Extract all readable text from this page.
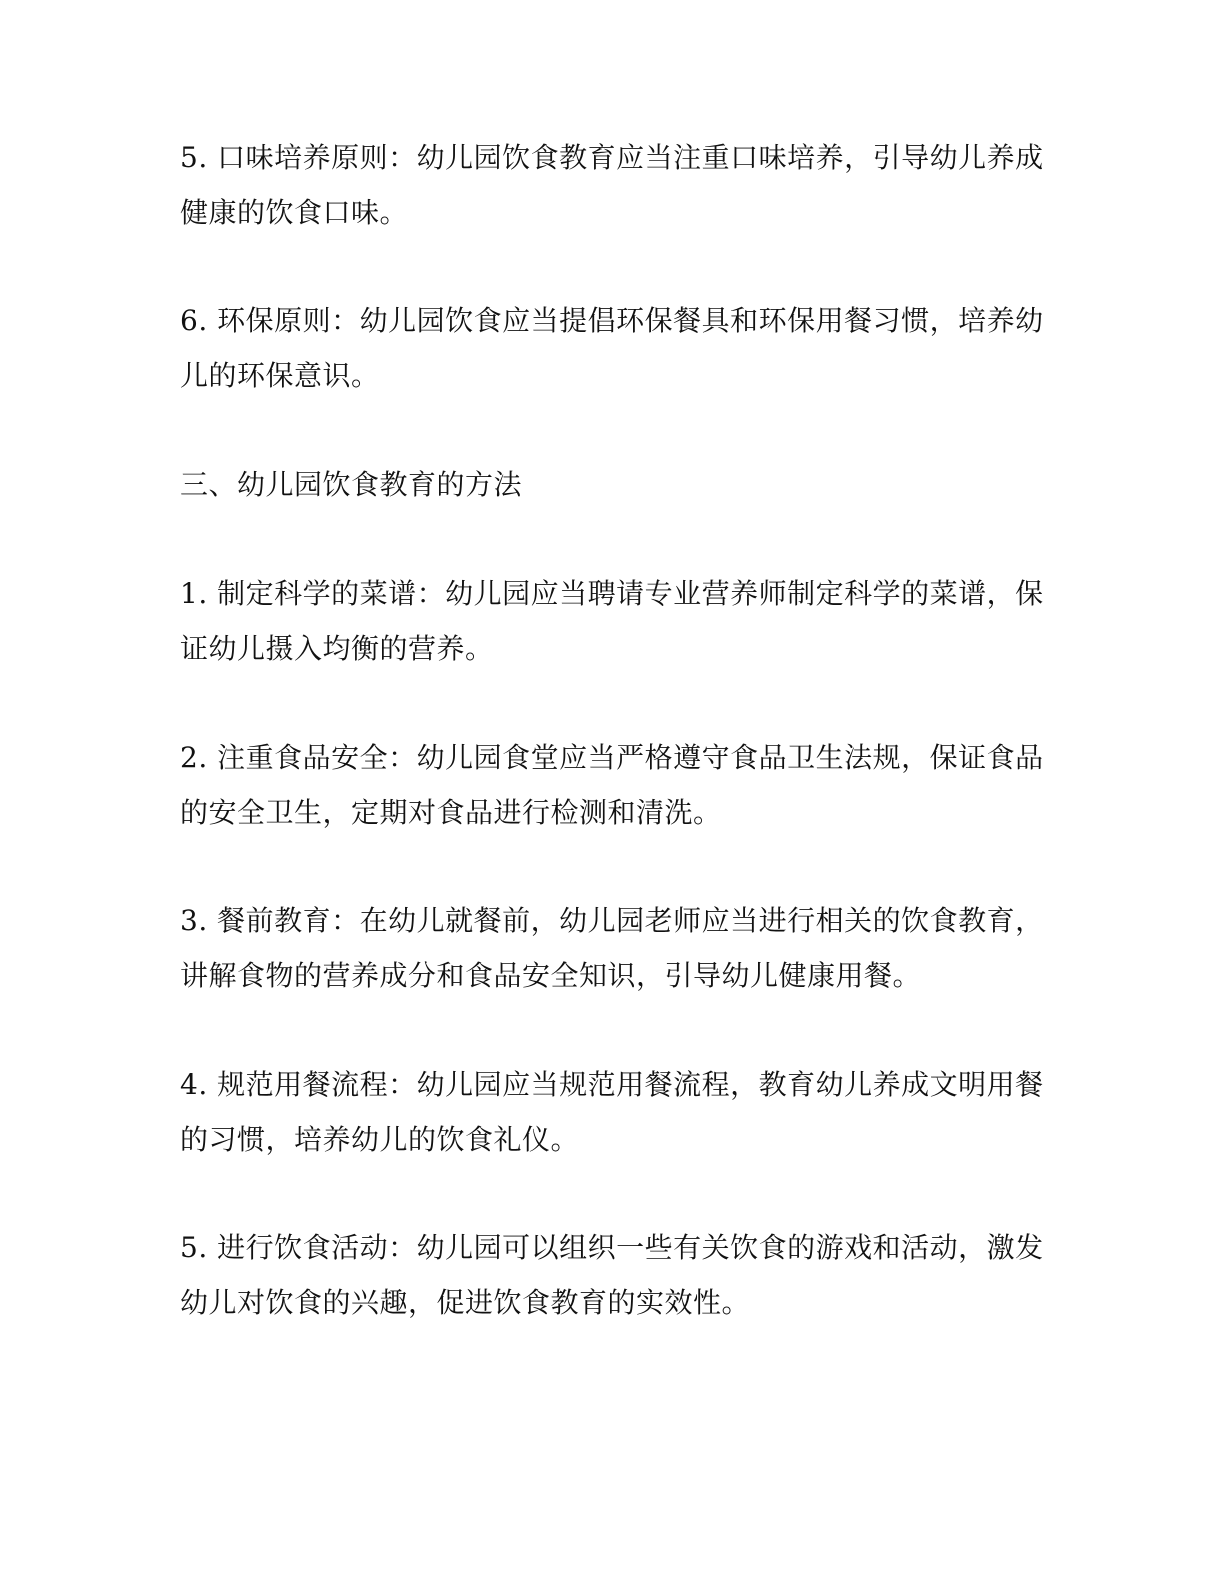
5. 口味培养原则：幼儿园饮食教育应当注重口味培养，引导幼儿养成
健康的饮食口味。

6. 环保原则：幼儿园饮食应当提倡环保餐具和环保用餐习惯，培养幼
儿的环保意识。

三、幼儿园饮食教育的方法

1. 制定科学的菜谱：幼儿园应当聘请专业营养师制定科学的菜谱，保
证幼儿摄入均衡的营养。

2. 注重食品安全：幼儿园食堂应当严格遵守食品卫生法规，保证食品
的安全卫生，定期对食品进行检测和清洗。

3. 餐前教育：在幼儿就餐前，幼儿园老师应当进行相关的饮食教育，
讲解食物的营养成分和食品安全知识，引导幼儿健康用餐。

4. 规范用餐流程：幼儿园应当规范用餐流程，教育幼儿养成文明用餐
的习惯，培养幼儿的饮食礼仪。

5. 进行饮食活动：幼儿园可以组织一些有关饮食的游戏和活动，激发
幼儿对饮食的兴趣，促进饮食教育的实效性。
